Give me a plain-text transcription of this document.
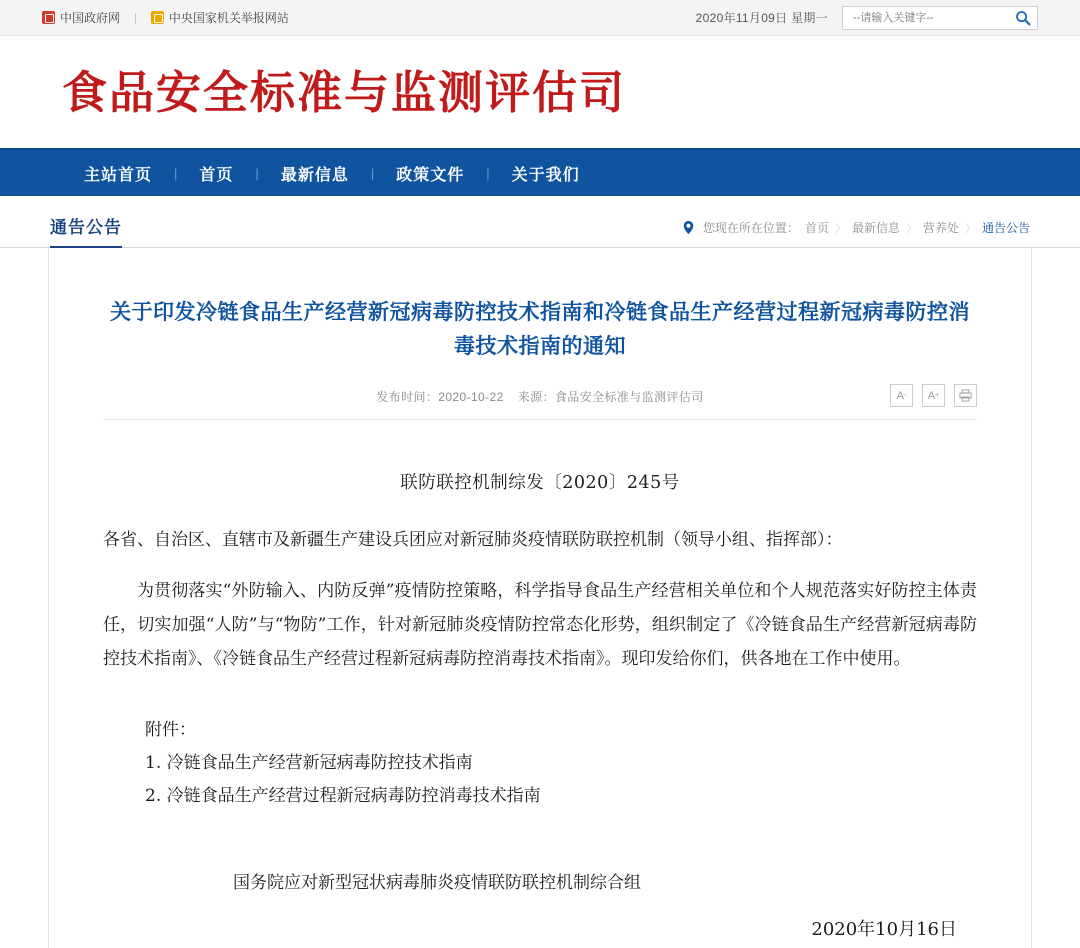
中国政府网 |	中央国家机关举报网站	2020年11月09日 星期一
--请输入关键字--
食品安全标准与监测评估司
主站首页	|	首页	|	最新信息	|	政策文件	|	关于我们
通告公告	您现在所在位置： 首页 〉 最新信息 〉 营养处 〉 通告公告
关于印发冷链食品生产经营新冠病毒防控技术指南和冷链食品生产经营过程新冠病毒防控消毒技术指南的通知
发布时间：2020-10-22 来源：食品安全标准与监测评估司	A - A +
联防联控机制综发〔2020〕245号

各省、自治区、直辖市及新疆生产建设兵团应对新冠肺炎疫情联防联控机制（领导小组、指挥部）：

为贯彻落实“外防输入、内防反弹”疫情防控策略，科学指导食品生产经营相关单位和个人规范落实好防控主体责任，切实加强“人防”与“物防”工作，针对新冠肺炎疫情防控常态化形势，组织制定了《冷链食品生产经营新冠病毒防控技术指南》、《冷链食品生产经营过程新冠病毒防控消毒技术指南》。现印发给你们，供各地在工作中使用。

附件：
1. 冷链食品生产经营新冠病毒防控技术指南
2. 冷链食品生产经营过程新冠病毒防控消毒技术指南
国务院应对新型冠状病毒肺炎疫情联防联控机制综合组
2020年10月16日
